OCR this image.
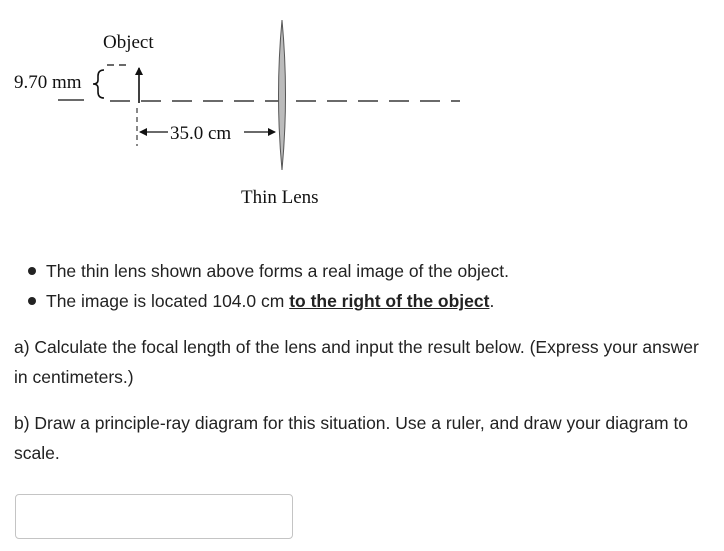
Object
9.70 mm
35.0 cm
Thin Lens
The thin lens shown above forms a real image of the object.
The image is located 104.0 cm to the right of the object.

a) Calculate the focal length of the lens and input the result below. (Express your answer in centimeters.)

b) Draw a principle-ray diagram for this situation. Use a ruler, and draw your diagram to scale.
